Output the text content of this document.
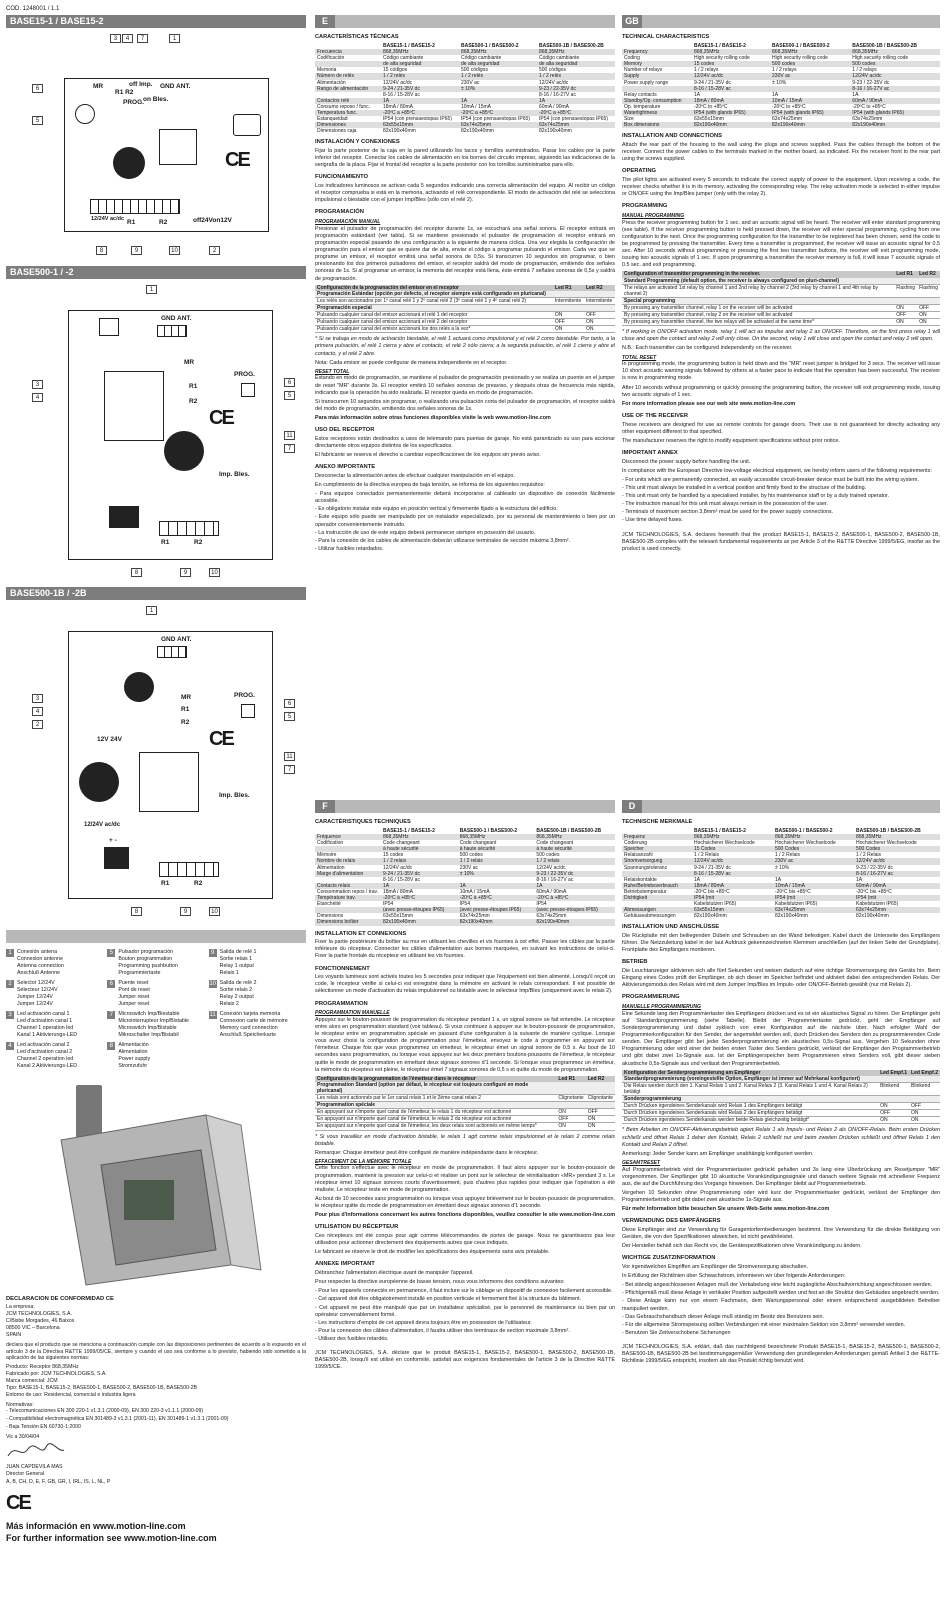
COD. 1248001 / 1.1
BASE15-1 / BASE15-2
3	4	7	1
6
5
MR
R1 R2
off Imp.
PROG.
GND ANT.
on Bles.
CE
12/24V ac/dc R1	R2	off24Von12V
8	9	10	2
BASE500-1 / -2
1
3
4
6
5
11
7
GND ANT.
MR
R1
R2
PROG.
CE
Imp. Bles.
R1	R2
8	9	10
BASE500-1B / -2B
1
3
6
4
5
2
11
7
GND ANT.
MR
R1
R2
PROG.
CE
12V 24V
Imp. Bles.
12/24V ac/dc
+ -
R1	R2
8	9	10
1	Conexión antena
Connexion antenne
Antenna connection
Anschluß Antenne
5	Pulsador programación
Bouton programmation
Programming pushbutton
Programmiertaste
9	Salida de relé 1
Sortie relais 1
Relay 1 output
Relais 1
2	Selector 12/24V
Sélecteur 12/24V
Jumper 12/24V
Jumper 12/24V
6	Puente reset
Pont de reset
Jumper reset
Jumper reset
10 Salida de relé 2
Sortie relais 2
Relay 2 output
Relais 2
3	Led activación canal 1
Led d'activation canal 1
Channel 1 operation led
Kanal 1 Aktivierungs-LED
7	Microswitch Imp/Biestable
Microinterrupteur Imp/Bistable
Microswitch Imp/Bistable
Mikroschalter Imp/Bistabil
11 Conexión tarjeta memoria
Connexion carte de mémoire
Memory card connection
Anschluß Speicherkarte
4	Led activación canal 2
Led d'activation canal 2
Channel 2 operation led
Kanal 2 Aktivierungs-LED
8	Alimentación
Alimentation
Power supply
Stromzufuhr
DECLARACIÓN DE CONFORMIDAD CE
La empresa:
JCM TECHNOLOGIES, S.A.
C/Bisbe Morgades, 46 Baixos
08500 VIC – Barcelona
SPAIN

declara que el producto que se menciona a continuación cumple con las disposiciones pertinentes de acuerdo a lo expuesto en el artículo 3 de la Directiva R&TTE 1999/05/CE, siempre y cuando el uso sea conforme a lo previsto, habiendo sido sometido a la aplicación de las siguientes normas:

Producto: Receptor 868,35MHz
Fabricado por: JCM TECHNOLOGIES, S.A.
Marca comercial: JCM
Tipo: BASE15-1, BASE15-2, BASE500-1, BASE500-2, BASE500-1B, BASE500-2B
Entorno de uso: Residencial, comercial e industria ligera
Normativas:
- Telecomunicaciones EN 300 220-1 v1.3.1 (2000-09), EN 300 220-3 v1.1.1 (2000-09)
- Compatibilidad electromagnética EN 301489-3 v1.3.1 (2001-11), EN 301489-1 v1.3.1 (2001-09)
- Baja Tensión EN 60730-1:2000
Vic a 30/04/04
JUAN CAPDEVILA MAS
Director General
A, B, CH, D, E, F, GB, GR, I, IRL, IS, L, NL, P
CE
Más información en www.motion-line.com
For further information see www.motion-line.com
E
CARACTERÍSTICAS TÉCNICAS
	BASE15-1 / BASE15-2	BASE500-1 / BASE500-2	BASE500-1B / BASE500-2B
Frecuencia	868,35MHz	868,35MHz	868,35MHz
Codificación	Código cambiante	Código cambiante	Código cambiante
	de alta seguridad	de alta seguridad	de alta seguridad
Memoria	15 códigos	500 códigos	500 códigos
Número de relés	1 / 2 relés	1 / 2 relés	1 / 2 relés
Alimentación	12/24V ac/dc	230V ac	12/24V ac/dc
Rango de alimentación	9-24 / 21-35V dc	± 10%	9-23 / 22-35V dc
	8-16 / 15-28V ac		8-16 / 16-27V ac
Contactos relé	1A	1A	1A
Consumo reposo / func.	18mA / 80mA	10mA / 15mA	60mA / 90mA
Temperatura func.	-20ºC a +85ºC	-20ºC a +85ºC	-20ºC a +85ºC
Estanqueidad	IP54 (con prensaestopas IP65)	IP54 (con prensaestopas IP65)	IP54 (con prensaestopas IP65)
Dimensiones	63x55x15mm	63x74x25mm	63x74x25mm
Dimensiones caja	82x190x40mm	82x190x40mm	82x190x40mm
INSTALACIÓN Y CONEXIONES

Fijar la parte posterior de la caja en la pared utilizando los tacos y tornillos suministrados. Pasar los cables por la parte inferior del receptor. Conectar los cables de alimentación en los bornes del circuito impreso, siguiendo las indicaciones de la serigrafía de la placa. Fijar el frontal del receptor a la parte posterior con los tornillos suministrados para ello.

FUNCIONAMIENTO

Los indicadores luminosos se activan cada 5 segundos indicando una correcta alimentación del equipo. Al recibir un código el receptor comprueba si está en la memoria, activando el relé correspondiente. El modo de activación del relé se selecciona impulsional o biestable con el jumper Imp/Bles (sólo con el relé 2).

PROGRAMACIÓN
PROGRAMACIÓN MANUAL

Presionar el pulsador de programación del receptor durante 1s, se escuchará una señal sonora. El receptor entrará en programación estándard (ver tabla). Si se mantiene presionado el pulsador de programación el receptor entrará en programación especial pasando de una configuración a la siguiente de manera cíclica. Una vez elegida la configuración de programación para el emisor que se quiere dar de alta, enviar el código a programar pulsando el emisor. Cada vez que se programe un emisor, el receptor emitirá una señal sonora de 0,5s. Si transcurren 10 segundos sin programar, o bien presionando los dos primeros pulsadores del emisor, el receptor saldrá del modo de programación, emitiendo dos señales sonoras de 1s. Si al programar un emisor, la memoria del receptor está llena, éste emitirá 7 señales sonoras de 0,5s y saldrá de programación.

Configuración de la programación del emisor en el receptor	Led R1	Led R2
Programación Estándar (opción por defecto, el receptor siempre está configurado en pluricanal)		
Los relés son accionados por 1º canal relé 1 y 2º canal relé 2 (3º canal relé 1 y 4º canal relé 2)	Intermitente	Intermitente
Programación especial		
Pulsando cualquier canal del emisor accionará el relé 1 del receptor	ON	OFF
Pulsando cualquier canal del emisor accionará el relé 2 del receptor	OFF	ON
Pulsando cualquier canal del emisor accionará los dos relés a la vez*	ON	ON

* Si se trabaja en modo de activación biestable, el relé 1 actuará como impulsional y el relé 2 como biestable. Por tanto, a la primera pulsación, el relé 1 cierra y abre el contacto, el relé 2 sólo cierra; a la segunda pulsación, el relé 1 cierra y abre el contacto, y el relé 2 abre.

Nota: Cada emisor se puede configurar de manera independiente en el receptor.

RESET TOTAL

Estando en modo de programación, se mantiene el pulsador de programación presionado y se realiza un puente en el jumper de reset "MR" durante 3s. El receptor emitirá 10 señales sonoras de preaviso, y después otras de frecuencia más rápida, indicando que la operación ha sido realizada. El receptor queda en modo de programación.

Si transcurren 10 segundos sin programar, o realizando una pulsación corta del pulsador de programación, el receptor saldrá del modo de programación, emitiendo dos señales sonoras de 1s.

Para más información sobre otras funciones disponibles visite la web www.motion-line.com

USO DEL RECEPTOR

Estos receptores están destinados a usos de telemando para puertas de garaje. No está garantizado su uso para accionar directamente otros equipos distintos de los especificados.

El fabricante se reserva el derecho a cambiar especificaciones de los equipos sin previo aviso.

ANEXO IMPORTANTE

Desconectar la alimentación antes de efectuar cualquier manipulación en el equipo.

En cumplimiento de la directiva europea de baja tensión, se informa de los siguientes requisitos:

- Para equipos conectados permanentemente deberá incorporarse al cableado un dispositivo de conexión fácilmente accesible.
- Es obligatorio instalar este equipo en posición vertical y firmemente fijado a la estructura del edificio.
- Este equipo sólo puede ser manipulado por un instalador especializado, por su personal de mantenimiento o bien por un operador convenientemente instruido.
- La instrucción de uso de este equipo deberá permanecer siempre en posesión del usuario.
- Para la conexión de los cables de alimentación deberán utilizarse terminales de sección máxima 3,8mm².
- Utilizar fusibles retardados.
F
CARACTÉRISTIQUES TECHNIQUES
	BASE15-1 / BASE15-2	BASE500-1 / BASE500-2	BASE500-1B / BASE500-2B
Fréquence	868,35MHz	868,35MHz	868,35MHz
Codification	Code changeant	Code changeant	Code changeant
	à haute sécurité	à haute sécurité	à haute sécurité
Mémoire	15 codes	500 codes	500 codes
Nombre de relais	1 / 2 relais	1 / 2 relais	1 / 2 relais
Alimentation	12/24V ac/dc	230V ac	12/24V ac/dc
Marge d'alimentation	9-24 / 21-35V dc	± 10%	9-23 / 22-35V dc
	8-16 / 15-28V ac		8-16 / 16-27V ac
Contacts relais	1A	1A	1A
Consommation repos / trav.	18mA / 80mA	10mA / 15mA	60mA / 90mA
Température trav.	-20ºC à +85ºC	-20ºC à +85ºC	-20ºC à +85ºC
Étanchéité	IP54	IP54	IP54
	(avec presse-étoupes IP65)	(avec presse-étoupes IP65)	(avec presse-étoupes IP65)
Dimensions	63x55x15mm	63x74x25mm	63x74x25mm
Dimensions boîtier	82x190x40mm	82x190x40mm	82x190x40mm
INSTALLATION ET CONNEXIONS

Fixer la partie postérieure du boîtier au mur en utilisant les chevilles et vis fournies à cet effet. Passer les câbles par la partie inférieure du récepteur. Connecter les câbles d'alimentation aux bornes marquées, en suivant les instructions de celui-ci. Fixer la partie frontale du récepteur en utilisant les vis fournies.

FONCTIONNEMENT

Les voyants lumineux sont activés toutes les 5 secondes pour indiquer que l'équipement est bien alimenté. Lorsqu'il reçoit un code, le récepteur vérifie si celui-ci est enregistré dans la mémoire en activant le relais correspondant. Il est possible de sélectionner un mode d'activation du relais impulsionnel ou bistable avec le sélecteur Imp/Bles (uniquement avec le relais 2).

PROGRAMMATION
PROGRAMMATION MANUELLE

Appuyez sur le bouton-poussoir de programmation du récepteur pendant 1 s, un signal sonore se fait entendre. Le récepteur entre alors en programmation standard (voir tableau). Si vous continuez à appuyer sur le bouton-poussoir de programmation, le récepteur entre en programmation spéciale en passant d'une configuration à la suivante de manière cyclique. Lorsque vous avez choisi la configuration de programmation pour l'émetteur, envoyez le code à programmer en appuyant sur l'émetteur. Chaque fois que vous programmez un émetteur, le récepteur émet un signal sonore de 0,5 s. Au bout de 10 secondes sans programmation, ou lorsque vous appuyez sur les deux premiers boutons-poussoirs de l'émetteur, le récepteur quitte le mode de programmation en émettant deux signaux sonores d'1 seconde. Si lorsque vous programmez un émetteur, la mémoire du récepteur est pleine, le récepteur émet 7 signaux sonores de 0,5 s et quitte du mode de programmation.

Configuration de la programmation de l'émetteur dans le récepteur	Led R1	Led R2
Programmation Standard (option par défaut, le récepteur est toujours configuré en mode pluricanal)		
Les relais sont actionnés par le 1er canal relais 1 et le 2ème canal relais 2	Clignotante	Clignotante
Programmation spéciale		
En appuyant sur n'importe quel canal de l'émetteur, le relais 1 du récepteur est actionné	ON	OFF
En appuyant sur n'importe quel canal de l'émetteur, le relais 2 du récepteur est actionné	OFF	ON
En appuyant sur n'importe quel canal de l'émetteur, les deux relais sont actionnés en même temps*	ON	ON

* Si vous travaillez en mode d'activation bistable, le relais 1 agit comme relais impulsionnel et le relais 2 comme relais bistable.

Remarque: Chaque émetteur peut être configuré de manière indépendante dans le récepteur.

EFFACEMENT DE LA MÉMOIRE TOTALE

Cette fonction s'effectue avec le récepteur en mode de programmation. Il faut alors appuyer sur le bouton-poussoir de programmation, maintenir la pression sur celui-ci et réaliser un pont sur le sélecteur de réinitialisation «MR» pendant 3 s. Le récepteur émet 10 signaux sonores courts d'avertissement, puis d'autres plus rapides pour indiquer que l'opération a été réalisée. Le récepteur reste en mode de programmation.

Au bout de 10 secondes sans programmation ou lorsque vous appuyez brièvement sur le bouton-poussoir de programmation, le récepteur quitte du mode de programmation en émettant deux signaux sonores d'1 seconde.

Pour plus d'informations concernant les autres fonctions disponibles, veuillez consulter le site www.motion-line.com

UTILISATION DU RÉCEPTEUR

Ces récepteurs ont été conçus pour agir comme télécommandes de portes de garage. Nous ne garantissons pas leur utilisation pour actionner directement des équipements autres que ceux indiqués.

Le fabricant se réserve le droit de modifier les spécifications des équipements sans avis préalable.

ANNEXE IMPORTANT

Débranchez l'alimentation électrique avant de manipuler l'appareil.

Pour respecter la directive européenne de basse tension, nous vous informons des conditions suivantes:

- Pour les appareils connectés en permanence, il faut inclure sur le câblage un dispositif de connexion facilement accessible.
- Cet appareil doit être obligatoirement installé en position verticale et fermement fixé à la structure du bâtiment.
- Cet appareil ne peut être manipulé que par un installateur spécialisé, par le personnel de maintenance ou bien par un opérateur convenablement formé.
- Les instructions d'emploi de cet appareil devra toujours être en possession de l'utilisateur.
- Pour la connexion des câbles d'alimentation, il faudra utiliser des terminaux de section maximale 3,8mm².
- Utilisez des fusibles retardés.

JCM TECHNOLOGIES, S.A. déclare que le produit BASE15-1, BASE15-2, BASE500-1, BASE500-2, BASE500-1B, BASE500-2B, lorsqu'il est utilisé en conformité, satisfait aux exigences fondamentales de l'article 3 de la Directive R&TTE 1999/5/CE.

GB
TECHNICAL CHARACTERISTICS
	BASE15-1 / BASE15-2	BASE500-1 / BASE500-2	BASE500-1B / BASE500-2B
Frequency	868,35MHz	868,35MHz	868,35MHz
Coding	High security rolling code	High security rolling code	High security rolling code
Memory	15 codes	500 codes	500 codes
Number of relays	1 / 2 relays	1 / 2 relays	1 / 2 relays
Supply	12/24V ac/dc	230V ac	12/24V ac/dc
Power supply range	9-24 / 21-35V dc	± 10%	9-23 / 22-35V dc
	8-16 / 15-28V ac		8-16 / 16-27V ac
Relay contacts	1A	1A	1A
Standby/Op. consumption	18mA / 80mA	10mA / 15mA	60mA / 90mA
Op. temperature	-20ºC to +85ºC	-20ºC to +85ºC	-20ºC to +85ºC
Watertightness	IP54 (with glands IP65)	IP54 (with glands IP65)	IP54 (with glands IP65)
Size	63x55x15mm	63x74x25mm	63x74x25mm
Box dimensions	82x190x40mm	82x190x40mm	82x190x40mm
INSTALLATION AND CONNECTIONS

Attach the rear part of the housing to the wall using the plugs and screws supplied. Pass the cables through the bottom of the receiver. Connect the power cables to the terminals marked in the mother board, as indicated. Fix the receiver front to the rear part using the screws supplied.

OPERATING

The pilot lights are activated every 5 seconds to indicate the correct supply of power to the equipment. Upon receiving a code, the receiver checks whether it is in its memory, activating the corresponding relay. The relay activation mode is selected in either impulse or ON/OFF using the Imp/Bles jumper (only with the relay 2).

PROGRAMMING
MANUAL PROGRAMMING

Press the receiver programming button for 1 sec. and an acoustic signal will be heard. The receiver will enter standard programming (see table). If the receiver programming button is held pressed down, the receiver will enter special programming, cycling from one configuration to the next. Once the programming configuration for the transmitter to be registered has been chosen, send the code to be programmed by pressing the transmitter. Every time a transmitter is programmed, the receiver will issue an acoustic signal for 0.5 sec. After 10 seconds without programming or pressing the first two transmitter buttons, the receiver will exit programming mode, issuing two acoustic signals of 1 sec. If upon programming a transmitter the receiver memory is full, it will issue 7 acoustic signals of 0.5 sec. and exit programming.

Configuration of transmitter programming in the receiver.	Led R1	Led R2
Standard Programming (default option, the receiver is always configured on pluri-channel)		
The relays are activated 1st relay by channel 1 and 2nd relay by channel 2 (3rd relay by channel 1 and 4th relay by channel 2)	Flashing	Flashing
Special programming		
By pressing any transmitter channel, relay 1 on the receiver will be activated	ON	OFF
By pressing any transmitter channel, relay 2 on the receiver will be activated	OFF	ON
By pressing any transmitter channel, the two relays will be activated at the same time*	ON	ON

* If working in ON/OFF activation mode, relay 1 will act as impulse and relay 2 as ON/OFF. Therefore, on the first press relay 1 will close and open the contact and relay 2 will only close. On the second, relay 1 will close and open the contact and relay 2 will open.

N.B.: Each transmitter can be configured independently on the receiver.

TOTAL RESET

In programming mode, the programming button is held down and the "MR" reset jumper is bridged for 3 secs. The receiver will issue 10 short acoustic warning signals followed by others at a faster pace to indicate that the operation has been successful. The receiver is now in programming mode.

After 10 seconds without programming or quickly pressing the programming button, the receiver will exit programming mode, issuing two acoustic signals of 1 sec.

For more information please see our web site www.motion-line.com

USE OF THE RECEIVER

These receivers are designed for use as remote controls for garage doors. Their use is not guaranteed for directly activating any other equipment different to that specified.

The manufacturer reserves the right to modify equipment specifications without prior notice.

IMPORTANT ANNEX

Disconnect the power supply before handling the unit.

In compliance with the European Directive low-voltage electrical equipment, we hereby inform users of the following requirements:

- For units which are permanently connected, an easily accessible circuit-breaker device must be built into the wiring system.
- This unit must always be installed in a vertical position and firmly fixed to the structure of the building.
- This unit must only be handled by a specialised installer, by his maintenance staff or by a duly trained operator.
- The instruction manual for this unit must always remain in the possession of the user.
- Terminals of maximum section 3,8mm² must be used for the power supply connections.
- Use time delayed fuses.

JCM TECHNOLOGIES, S.A. declares herewith that the product BASE15-1, BASE15-2, BASE500-1, BASE500-2, BASE500-1B, BASE500-2B complies with the relevant fundamental requirements as per Article 3 of the R&TTE Directive 1999/5/EG, insofar as the product is used correctly.

D
TECHNISCHE MERKMALE
	BASE15-1 / BASE15-2	BASE500-1 / BASE500-2	BASE500-1B / BASE500-2B
Frequenz	868,35MHz	868,35MHz	868,35MHz
Codierung	Hochsicherer Wechselcode	Hochsicherer Wechselcode	Hochsicherer Wechselcode
Speicher	15 Codes	500 Codes	500 Codes
Relaisanzahl	1 / 2 Relais	1 / 2 Relais	1 / 2 Relais
Stromversorgung	12/24V ac/dc	230V ac	12/24V ac/dc
Spannungstoleranz	9-24 / 21-35V dc	± 10%	9-23 / 22-35V dc
	8-16 / 15-28V ac		8-16 / 16-27V ac
Relaiskontakte	1A	1A	1A
Ruhe/Betriebsverbrauch	18mA / 80mA	10mA / 15mA	60mA / 90mA
Betriebstemperatur	-20ºC bis +85ºC	-20ºC bis +85ºC	-20ºC bis +85ºC
Dichtigkeit	IP54 (mit	IP54 (mit	IP54 (mit
	Kabelstutzen IP65)	Kabelstutzen IP65)	Kabelstutzen IP65)
Abmessungen	63x55x15mm	63x74x25mm	63x74x25mm
Gehäuseabmessungen	82x190x40mm	82x190x40mm	82x190x40mm
INSTALLATION UND ANSCHLÜSSE

Die Rückplatte mit den beiliegenden Dübeln und Schrauben an der Wand befestigen. Kabel durch die Unterseite des Empfängers führen. Die Netzzuleitung kabel in der laut Aufdruck gekennzeichneten Klemmen anschließen (auf der linken Seite der Grundplatte). Frontplatte des Empfängers montieren.

BETRIEB

Die Leuchtanzeiger aktivieren sich alle fünf Sekunden und weisen dadurch auf eine richtige Stromversorgung des Geräts hin. Beim Eingang eines Codes prüft der Empfänger, ob sich dieser im Speicher befindet und aktiviert dabei den entsprechenden Relais. Der Aktivierungsmodus des Relais wird mit dem Jumper Imp/Bles im Impuls- oder ON/OFF-Betrieb gewählt (nur mit Relais 2).

PROGRAMMIERUNG
MANUELLE PROGRAMMIERUNG

Eine Sekunde lang den Programmiertaster des Empfängers drücken und es ist ein akustisches Signal zu hören. Der Empfänger geht auf Standardprogrammierung (siehe Tabelle). Bleibt der Programmiertaster gedrückt, geht der Empfänger auf Sonderprogrammierung und dabei zyklisch von einer Konfiguration auf die nächste über. Nach erfolgter Wahl der Programmierkonfiguration für den Sender, der angemeldet werden soll, durch Drücken des Senders den zu programmierenden Code senden. Der Empfänger gibt bei jeder Senderprogrammierung ein akustisches 0,5s-Signal aus. Vergehen 10 Sekunden ohne Programmierung oder wird einer der beiden ersten Taster des Senders gedrückt, verlässt der Empfänger den Programmierbetrieb und gibt dabei zwei 1s-Signale aus. Ist der Empfängerspeicher beim Programmieren eines Senders voll, gibt dieser sieben akustische 0,5s-Signale aus und verlässt den Programmierbetrieb.

Konfiguration der Senderprogrammierung am Empfänger	Led Empf.1	Led Empf.2
Standardprogrammierung (voreingestellte Option, Empfänger ist immer auf Mehrkanal konfiguriert)		
Die Relais werden durch den 1. Kanal Relais 1 und 2. Kanal Relais 2 (3. Kanal Relais 1 und 4. Kanal Relais 2) betätigt	Blinkend	Blinkend
Sonderprogrammierung		
Durch Drücken irgendeines Senderkanals wird Relais 1 des Empfängers betätigt	ON	OFF
Durch Drücken irgendeines Senderkanals wird Relais 2 des Empfängers betätigt	OFF	ON
Durch Drücken irgendeines Senderkanals werden beide Relais gleichzeitig betätigt*	ON	ON

* Beim Arbeiten im ON/OFF-Aktivierungsbetrieb agiert Relais 1 als Impuls- und Relais 2 als ON/OFF-Relais. Beim ersten Drücken schließt und öffnet Relais 1 daher den Kontakt, Relais 2 schließt nur und beim zweiten Drücken schließt und öffnet Relais 1 den Kontakt und Relais 2 öffnet.

Anmerkung: Jeder Sender kann am Empfänger unabhängig konfiguriert werden.

GESAMTRESET

Auf Programmierbetrieb wird der Programmiertaster gedrückt gehalten und 3s lang eine Überbrückung am Resetjumper "MR" vorgenommen. Der Empfänger gibt 10 akustische Vorankündigungssignale und danach weitere Signale mit schnellerer Frequenz aus, die auf die Durchführung des Vorgangs hinweisen. Der Empfänger bleibt auf Programmierbetrieb.

Vergehen 10 Sekunden ohne Programmierung oder wird kurz der Programmiertaster gedrückt, verlässt der Empfänger den Programmierbetrieb und gibt dabei zwei akustische 1s-Signale aus.

Für mehr Information bitte besuchen Sie unsere Web-Seite www.motion-line.com

VERWENDUNG DES EMPFÄNGERS

Diese Empfänger sind zur Verwendung für Garagentorfernbedienungen bestimmt. Ihre Verwendung für die direkte Betätigung von Geräten, die von den Spezifikationen abweichen, ist nicht gewährleistet.

Der Hersteller behält sich das Recht vor, die Gerätespezifikationen ohne Vorankündigung zu ändern.

WICHTIGE ZUSATZINFORMATION

Vor irgendwelchen Eingriffen am Empfänger die Stromversorgung abschalten.

In Erfüllung der Richtlinien über Schwachstrom, informieren wir über folgende Anforderungen:

- Bei ständig angeschlossenen Anlagen muß der Verkabelung eine leicht zugängliche Abschaltvorrichtung angeschlossen werden.
- Pflichtgemäß muß diese Anlage in vertikaler Position aufgestellt werden und fest an die Struktur des Gebäudes angebracht werden.
- Diese Anlage kann nur von einem Fachmann, dem Wartungspersonal oder einem entsprechend ausgebildeten Betreiber manipuliert werden.
- Das Gebrauchshandbuch dieser Anlage muß ständig im Besitz des Benutzers sein.
- Für die allgemeine Stromspeisung sollten Verbindungen mit einer maximalen Sektion von 3,8mm² verwendet werden.
- Benutzen Sie Zeitverschobene Sicherungen

JCM TECHNOLOGIES, S.A. erklärt, daß das nachfolgend bezeichnete Produkt BASE15-1, BASE15-2, BASE500-1, BASE500-2, BASE500-1B, BASE500-2B bei bestimmungsgemäßer Verwendung den grundlegenden Anforderungen gemäß Artikel 3 der R&TTE-Richtlinie 1999/5/EG entspricht, insofern als das Produkt richtig benutzt wird.
